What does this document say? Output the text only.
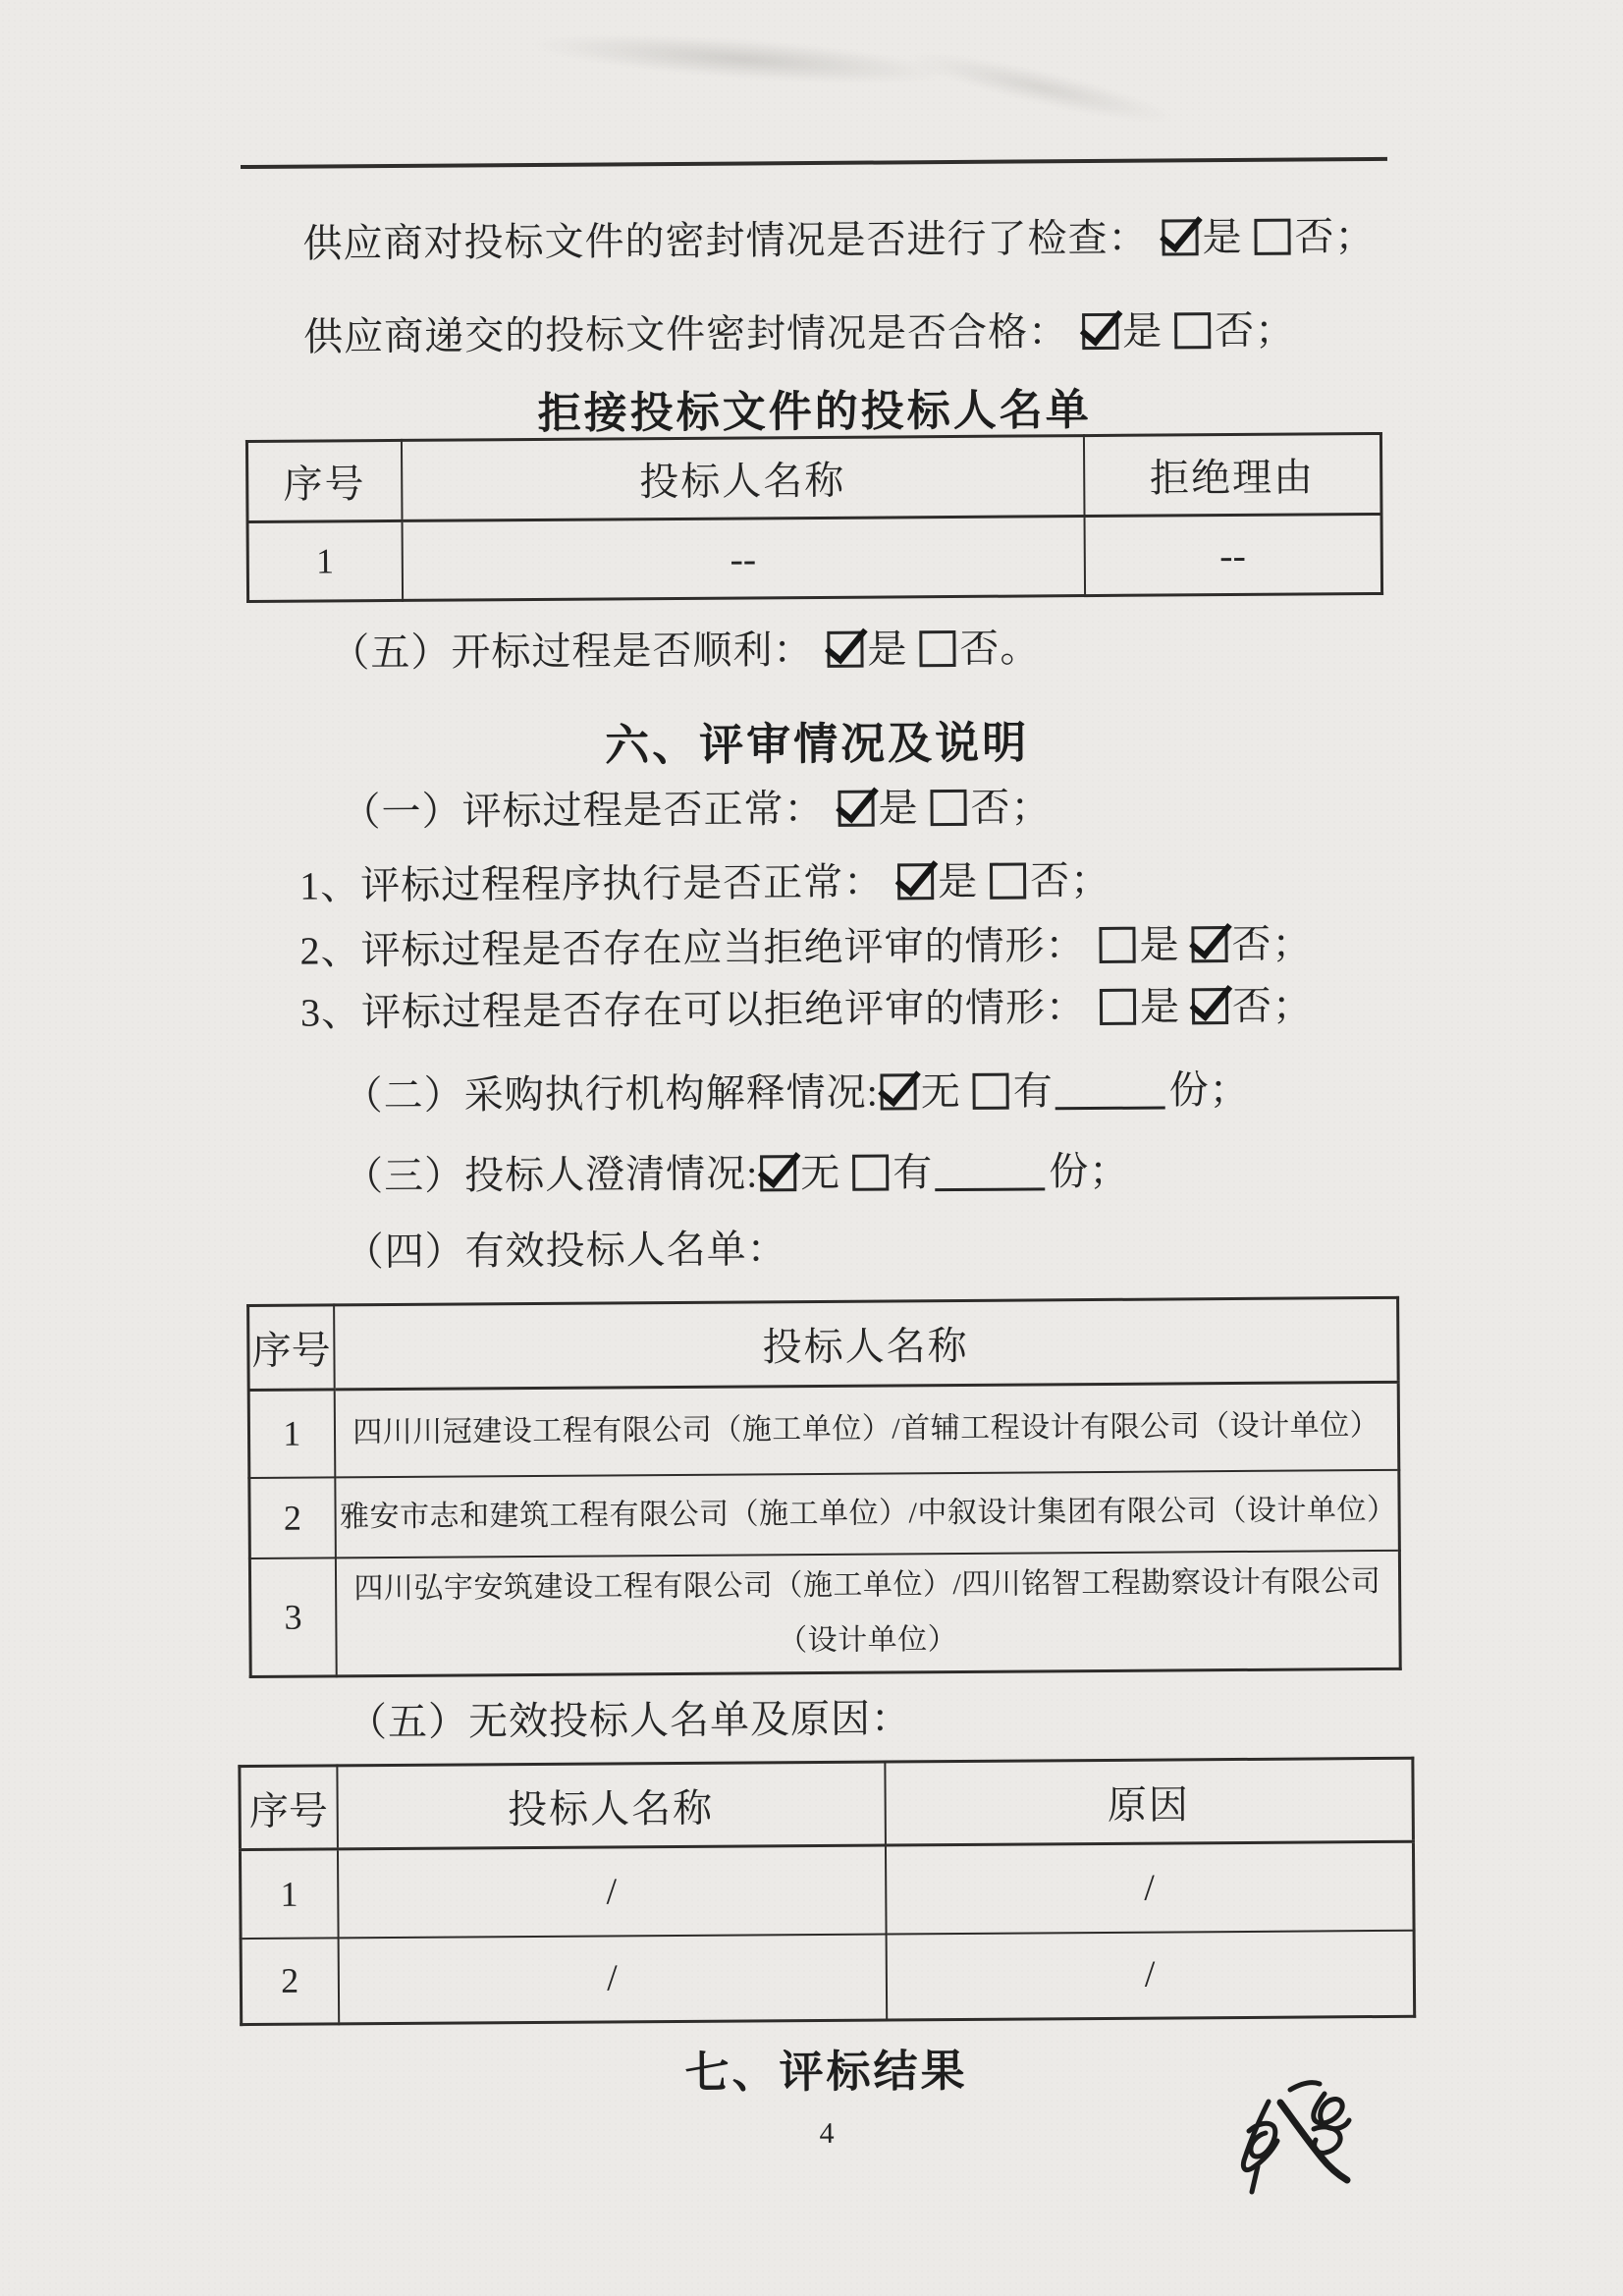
供应商对投标文件的密封情况是否进行了检查： 是 否；
供应商递交的投标文件密封情况是否合格： 是 否；
拒接投标文件的投标人名单
序号	投标人名称	拒绝理由
1	--	--
（五）开标过程是否顺利： 是 否。
六、评审情况及说明
（一）评标过程是否正常： 是 否；
1、评标过程程序执行是否正常： 是 否；
2、评标过程是否存在应当拒绝评审的情形： 是 否；
3、评标过程是否存在可以拒绝评审的情形： 是 否；
（二）采购执行机构解释情况: 无 有	份；
（三）投标人澄清情况: 无 有	份；
（四）有效投标人名单：
序号	投标人名称
1	四川川冠建设工程有限公司（施工单位）/首辅工程设计有限公司（设计单位）
2	雅安市志和建筑工程有限公司（施工单位）/中叙设计集团有限公司（设计单位）
3	四川弘宇安筑建设工程有限公司（施工单位）/四川铭智工程勘察设计有限公司（设计单位）
（五）无效投标人名单及原因：
序号	投标人名称	原因
1	/	/
2	/	/
七、评标结果
4
